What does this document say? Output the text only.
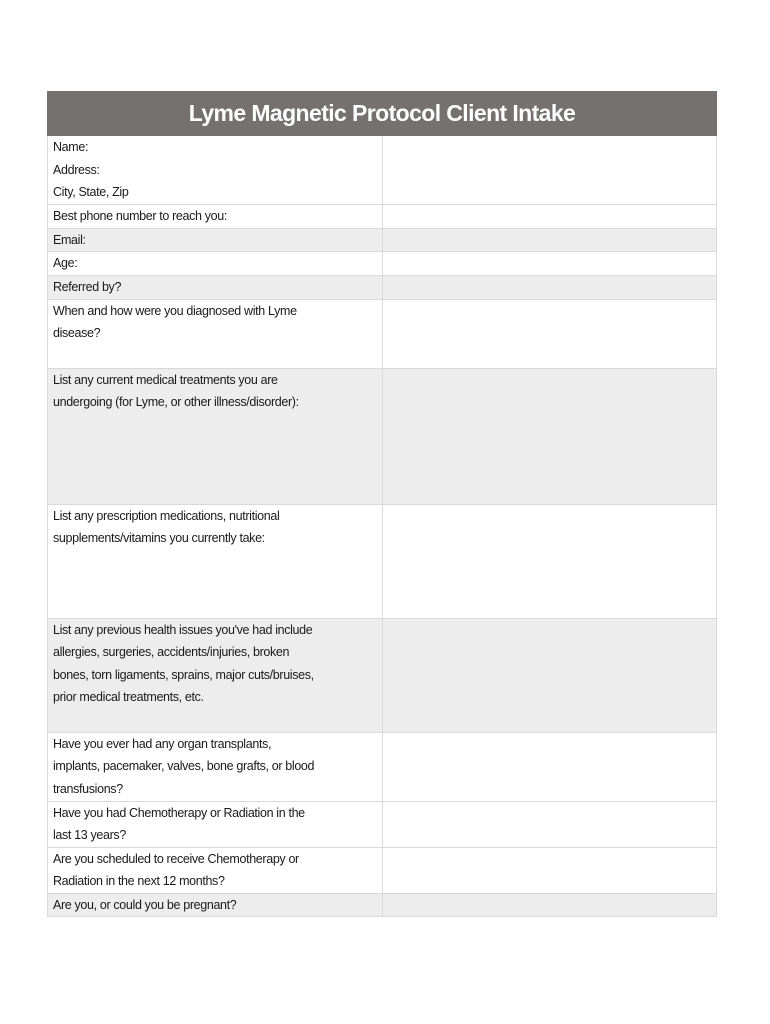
Lyme Magnetic Protocol Client Intake	

Name:
Address:
City, State, Zip	

Best phone number to reach you:	

Email:	

Age:	

Referred by?	

When and how were you diagnosed with Lyme
disease?	

List any current medical treatments you are
undergoing (for Lyme, or other illness/disorder):	

List any prescription medications, nutritional
supplements/vitamins you currently take:	

List any previous health issues you've had include
allergies, surgeries, accidents/injuries, broken
bones, torn ligaments, sprains, major cuts/bruises,
prior medical treatments, etc.	

Have you ever had any organ transplants,
implants, pacemaker, valves, bone grafts, or blood
transfusions?	

Have you had Chemotherapy or Radiation in the
last 13 years?	

Are you scheduled to receive Chemotherapy or
Radiation in the next 12 months?	

Are you, or could you be pregnant?	
